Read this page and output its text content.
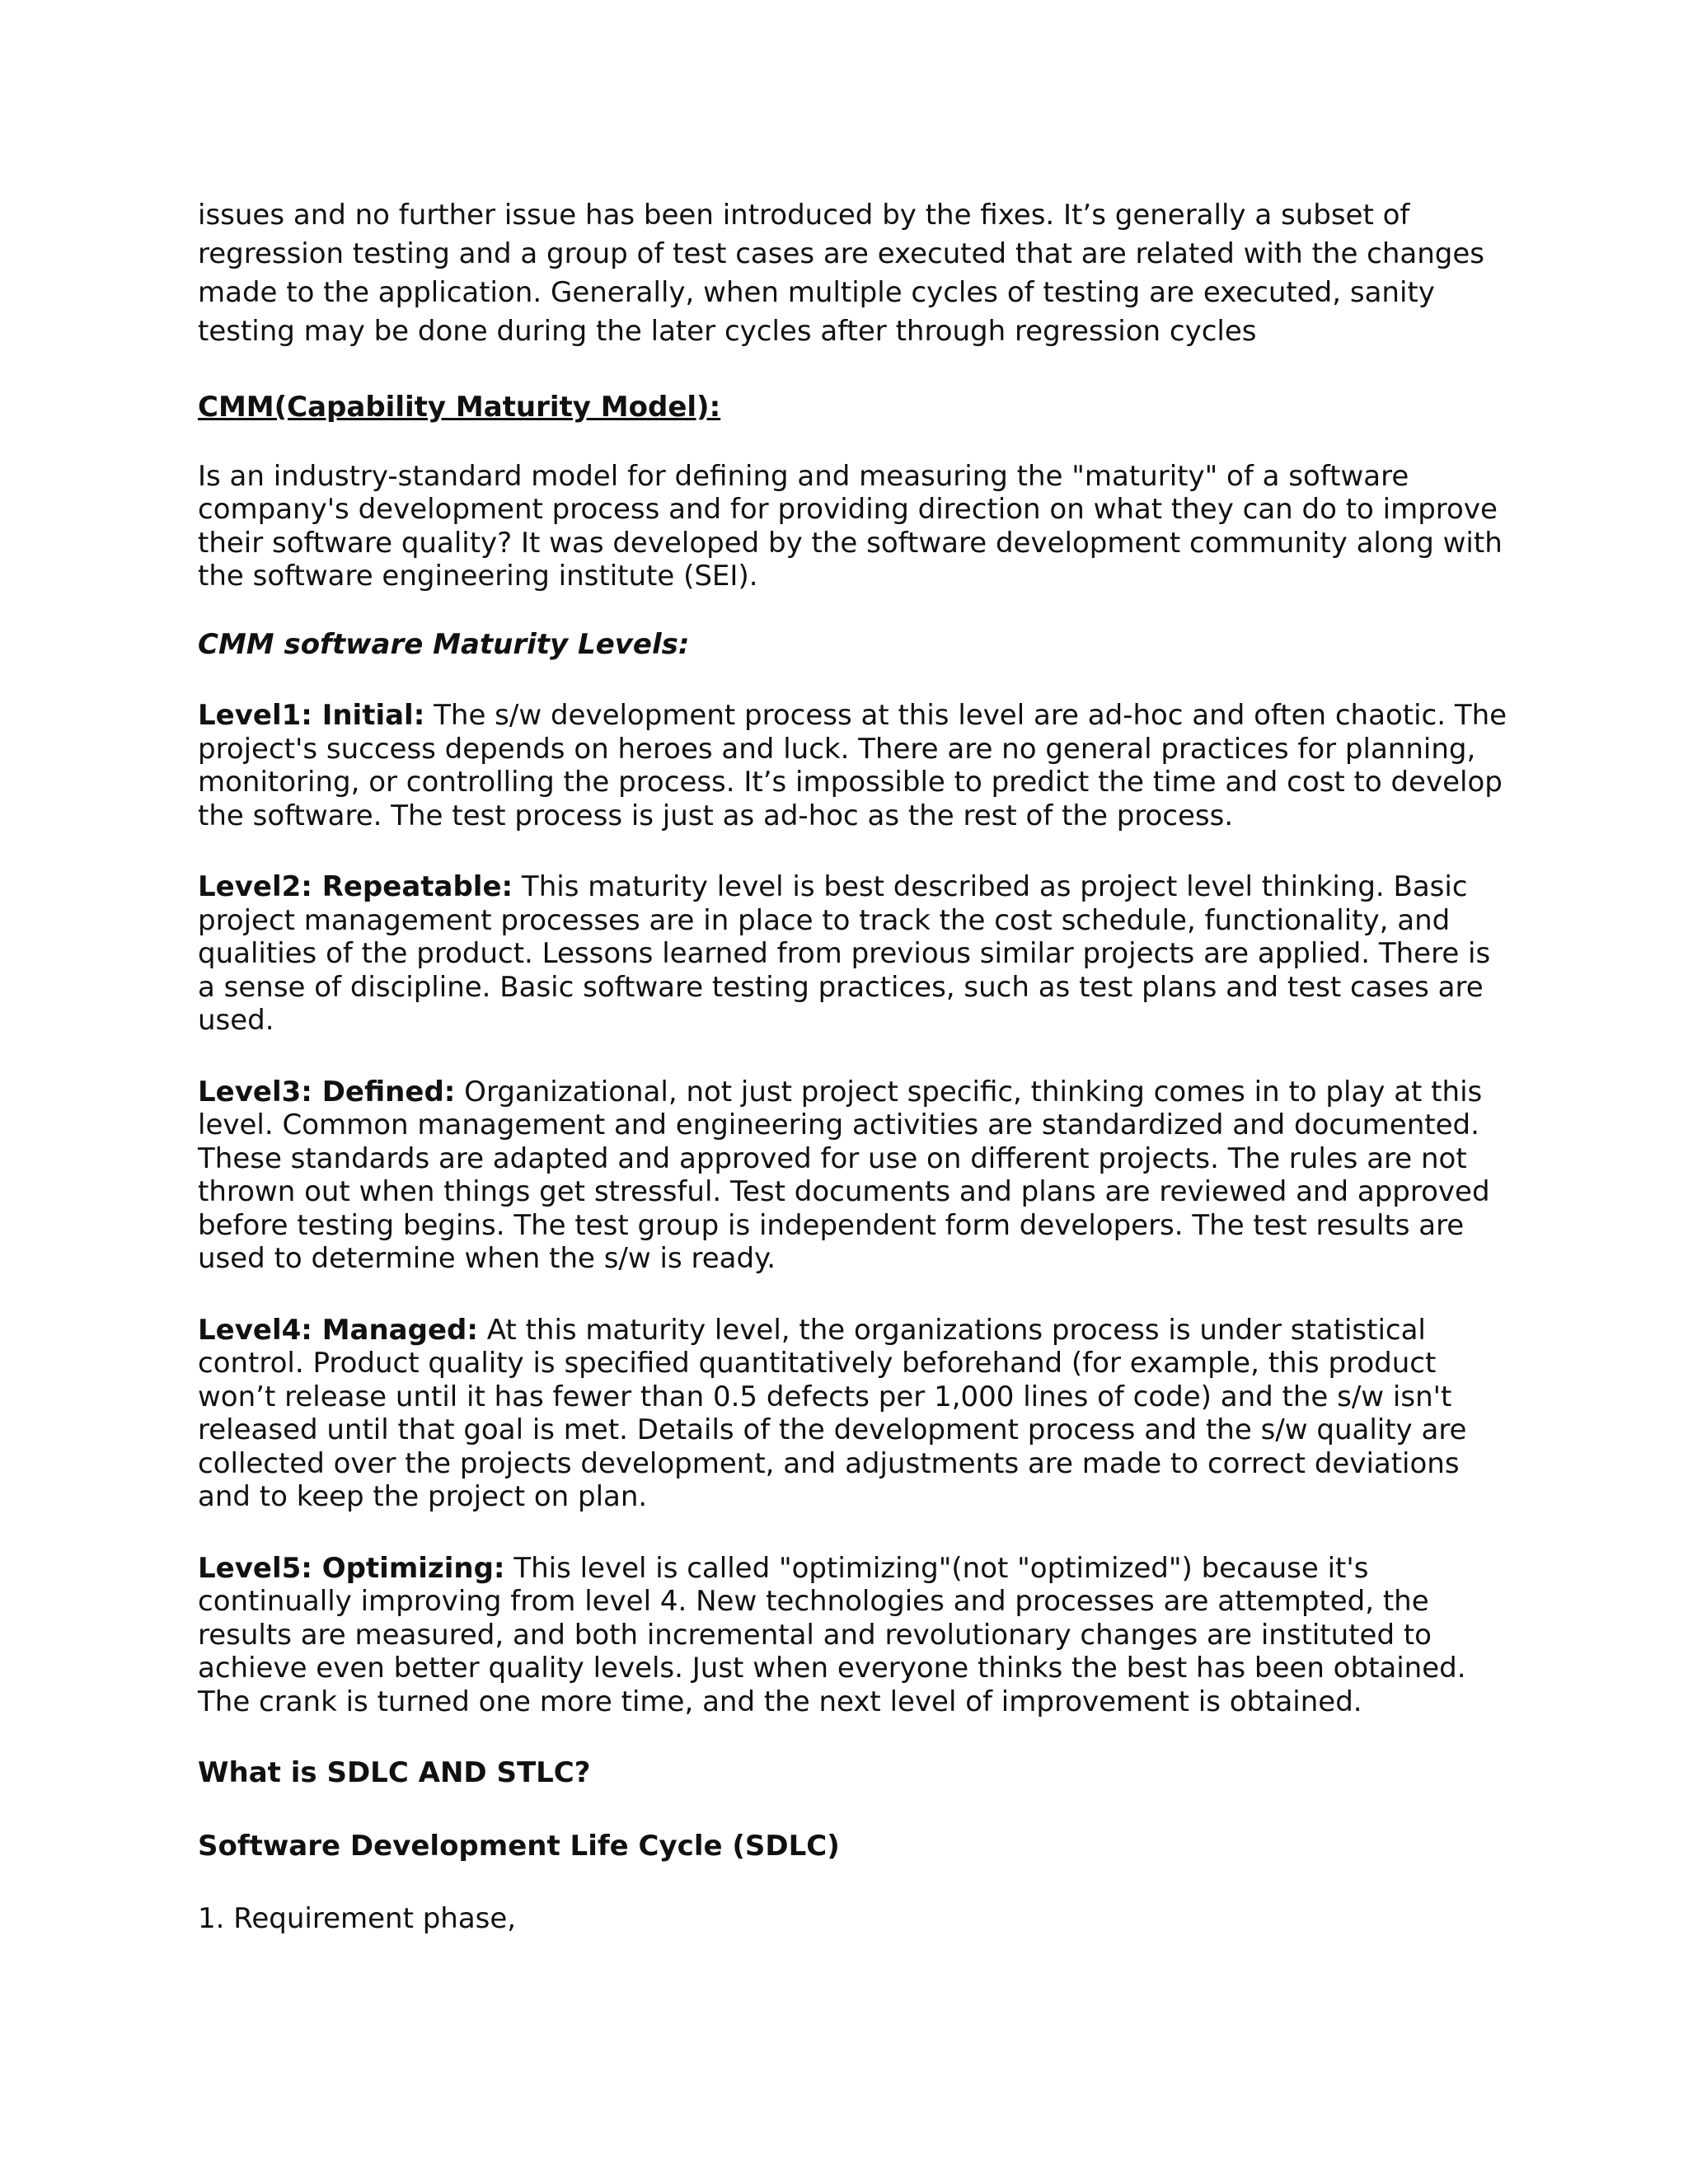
issues and no further issue has been introduced by the fixes. It’s generally a subset of regression testing and a group of test cases are executed that are related with the changes made to the application. Generally, when multiple cycles of testing are executed, sanity testing may be done during the later cycles after through regression cycles

CMM(Capability Maturity Model):

Is an industry-standard model for defining and measuring the "maturity" of a software company's development process and for providing direction on what they can do to improve their software quality? It was developed by the software development community along with the software engineering institute (SEI).

CMM software Maturity Levels:

Level1: Initial: The s/w development process at this level are ad-hoc and often chaotic. The project's success depends on heroes and luck. There are no general practices for planning, monitoring, or controlling the process. It’s impossible to predict the time and cost to develop the software. The test process is just as ad-hoc as the rest of the process.

Level2: Repeatable: This maturity level is best described as project level thinking. Basic project management processes are in place to track the cost schedule, functionality, and qualities of the product. Lessons learned from previous similar projects are applied. There is a sense of discipline. Basic software testing practices, such as test plans and test cases are used.

Level3: Defined: Organizational, not just project specific, thinking comes in to play at this level. Common management and engineering activities are standardized and documented. These standards are adapted and approved for use on different projects. The rules are not thrown out when things get stressful. Test documents and plans are reviewed and approved before testing begins. The test group is independent form developers. The test results are used to determine when the s/w is ready.

Level4: Managed: At this maturity level, the organizations process is under statistical control. Product quality is specified quantitatively beforehand (for example, this product won’t release until it has fewer than 0.5 defects per 1,000 lines of code) and the s/w isn't released until that goal is met. Details of the development process and the s/w quality are collected over the projects development, and adjustments are made to correct deviations and to keep the project on plan.

Level5: Optimizing: This level is called "optimizing"(not "optimized") because it's continually improving from level 4. New technologies and processes are attempted, the results are measured, and both incremental and revolutionary changes are instituted to achieve even better quality levels. Just when everyone thinks the best has been obtained. The crank is turned one more time, and the next level of improvement is obtained.

What is SDLC AND STLC?

Software Development Life Cycle (SDLC)

1. Requirement phase,
